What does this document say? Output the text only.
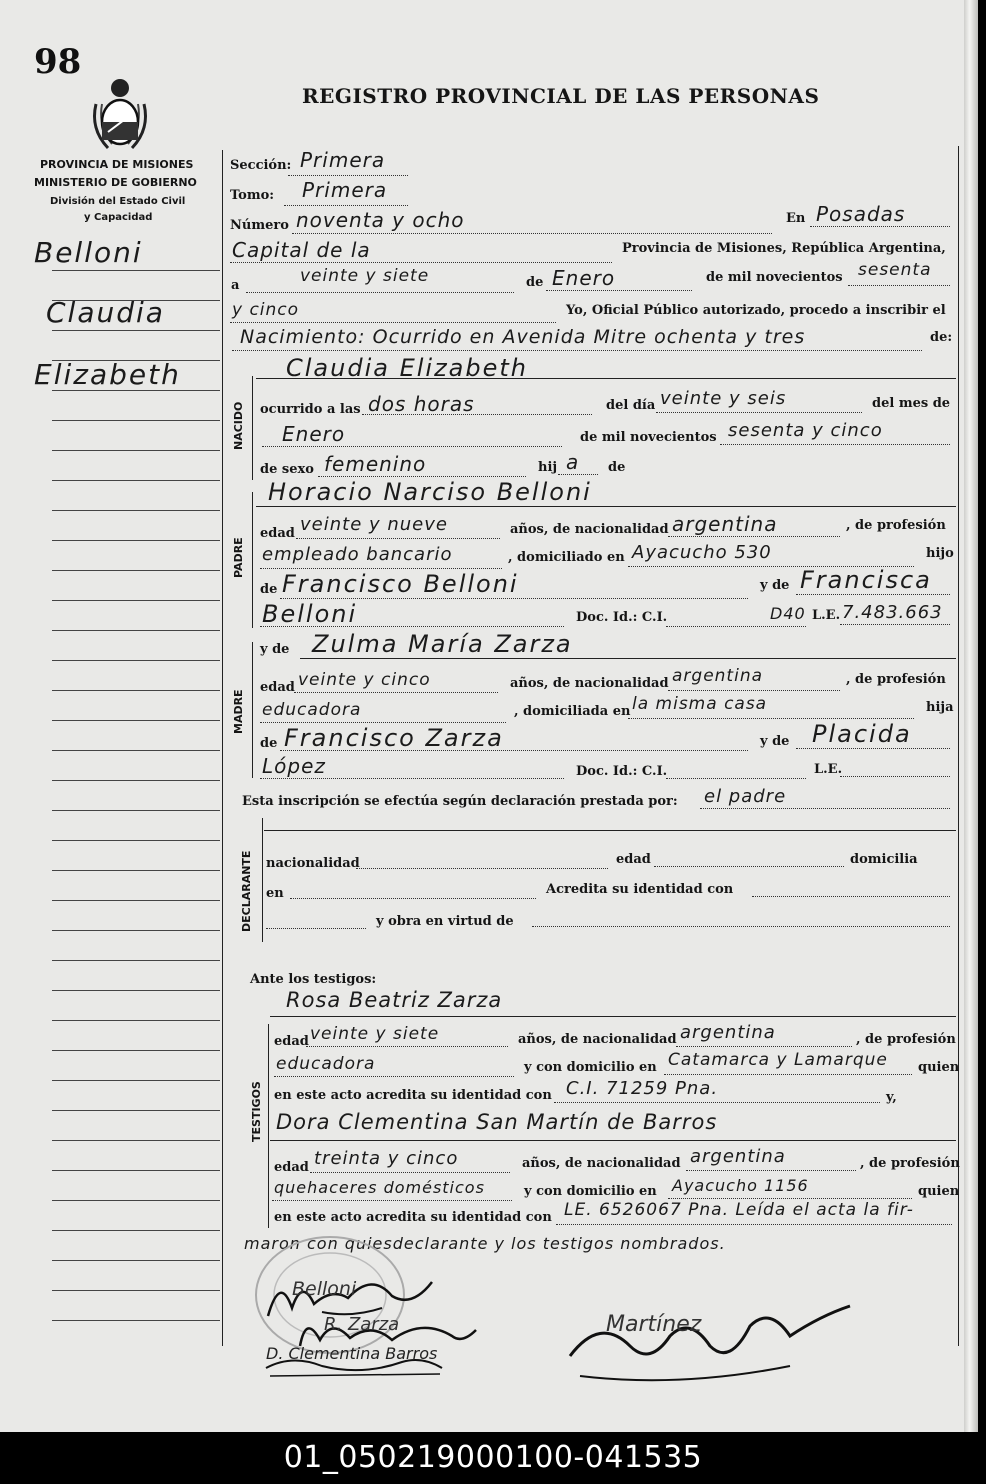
98
REGISTRO PROVINCIAL DE LAS PERSONAS
PROVINCIA DE MISIONES
MINISTERIO DE GOBIERNO
División del Estado Civil
y Capacidad
Belloni
Claudia
Elizabeth
NACIDO
PADRE
MADRE
DECLARANTE
TESTIGOS
Sección: Primera
Tomo: Primera
Número noventa y ocho	En Posadas
Capital de la	Provincia de Misiones, República Argentina,
a	veinte y siete	de Enero	de mil novecientos sesenta
y cinco	Yo, Oficial Público autorizado, procedo a inscribir el
Nacimiento: Ocurrido en Avenida Mitre ochenta y tres	de:
Claudia Elizabeth
ocurrido a las dos horas	del día veinte y seis	del mes de
Enero	de mil novecientos sesenta y cinco
de sexo femenino	hij a de
Horacio Narciso Belloni
edad veinte y nueve	años, de nacionalidad argentina	, de profesión
empleado bancario	, domiciliado en Ayacucho 530	hijo
de Francisco Belloni	y de Francisca
Belloni	Doc. Id.: C.I.	D40 L.E. 7.483.663
y de Zulma María Zarza
edad veinte y cinco	años, de nacionalidad argentina	, de profesión
educadora	, domiciliada en la misma casa	hija
de Francisco Zarza	y de Placida
López	Doc. Id.: C.I.	L.E.
Esta inscripción se efectúa según declaración prestada por: el padre
nacionalidad	edad	domicilia
en	Acredita su identidad con
y obra en virtud de
Ante los testigos:
Rosa Beatriz Zarza
edad veinte y siete	años, de nacionalidad argentina	, de profesión
educadora	y con domicilio en Catamarca y Lamarque quien
en este acto acredita su identidad con C.I. 71259 Pna.	y,
Dora Clementina San Martín de Barros
edad treinta y cinco	años, de nacionalidad argentina	, de profesión
quehaceres domésticos	y con domicilio en Ayacucho 1156	quien
en este acto acredita su identidad con LE. 6526067 Pna. Leída el acta la fir-
maron con quiesdeclarante y los testigos nombrados.
Belloni
R. Zarza
D. Clementina Barros
Martínez
01_050219000100-041535
